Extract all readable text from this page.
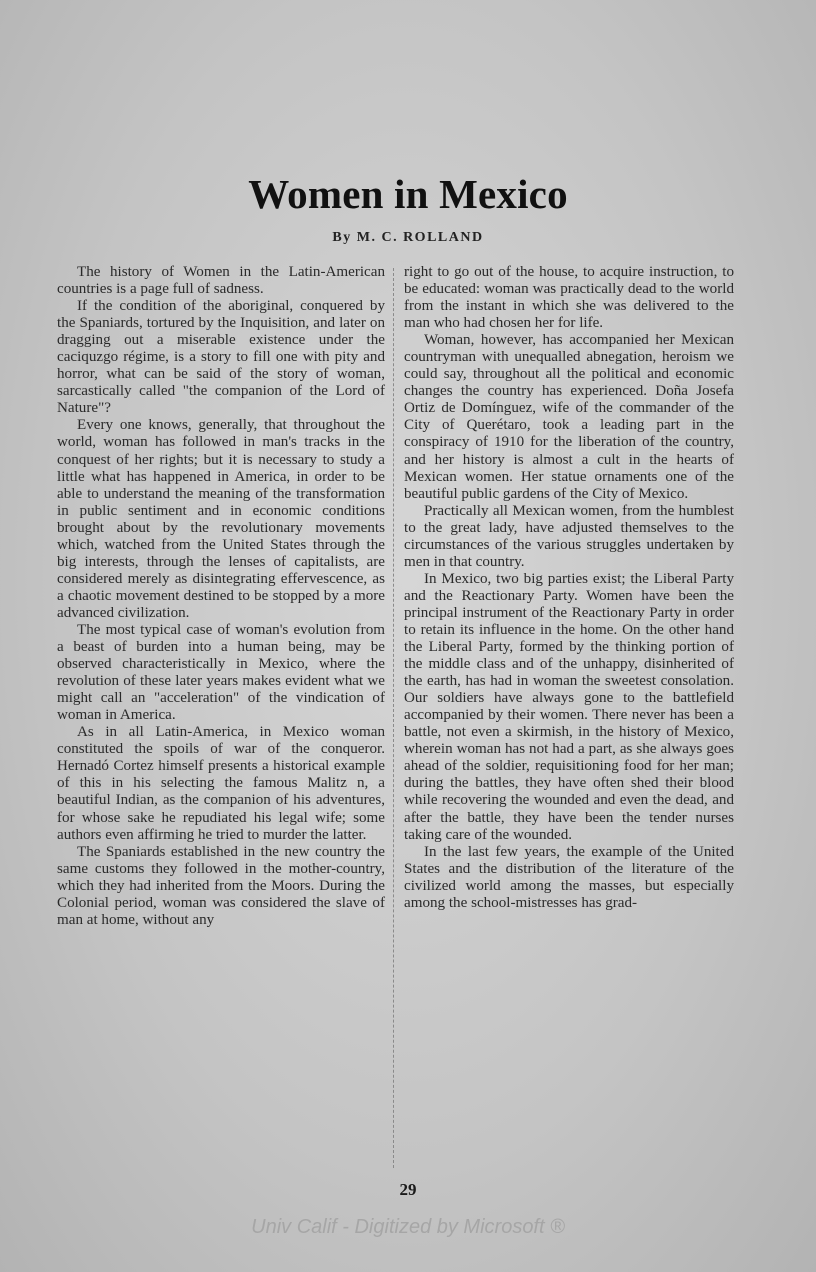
Women in Mexico
By M. C. ROLLAND

The history of Women in the Latin-American countries is a page full of sadness.

If the condition of the aboriginal, conquered by the Spaniards, tortured by the Inquisition, and later on dragging out a miserable existence under the caciquzgo régime, is a story to fill one with pity and horror, what can be said of the story of woman, sarcastically called "the companion of the Lord of Nature"?

Every one knows, generally, that throughout the world, woman has followed in man's tracks in the conquest of her rights; but it is necessary to study a little what has happened in America, in order to be able to understand the meaning of the transformation in public sentiment and in economic conditions brought about by the revolutionary movements which, watched from the United States through the big interests, through the lenses of capitalists, are considered merely as disintegrating effervescence, as a chaotic movement destined to be stopped by a more advanced civilization.

The most typical case of woman's evolution from a beast of burden into a human being, may be observed characteristically in Mexico, where the revolution of these later years makes evident what we might call an "acceleration" of the vindication of woman in America.

As in all Latin-America, in Mexico woman constituted the spoils of war of the conqueror. Hernadó Cortez himself presents a historical example of this in his selecting the famous Malitz n, a beautiful Indian, as the companion of his adventures, for whose sake he repudiated his legal wife; some authors even affirming he tried to murder the latter.

The Spaniards established in the new country the same customs they followed in the mother-country, which they had inherited from the Moors. During the Colonial period, woman was considered the slave of man at home, without any

right to go out of the house, to acquire instruction, to be educated: woman was practically dead to the world from the instant in which she was delivered to the man who had chosen her for life.

Woman, however, has accompanied her Mexican countryman with unequalled abnegation, heroism we could say, throughout all the political and economic changes the country has experienced. Doña Josefa Ortiz de Domínguez, wife of the commander of the City of Querétaro, took a leading part in the conspiracy of 1910 for the liberation of the country, and her history is almost a cult in the hearts of Mexican women. Her statue ornaments one of the beautiful public gardens of the City of Mexico.

Practically all Mexican women, from the humblest to the great lady, have adjusted themselves to the circumstances of the various struggles undertaken by men in that country.

In Mexico, two big parties exist; the Liberal Party and the Reactionary Party. Women have been the principal instrument of the Reactionary Party in order to retain its influence in the home. On the other hand the Liberal Party, formed by the thinking portion of the middle class and of the unhappy, disinherited of the earth, has had in woman the sweetest consolation. Our soldiers have always gone to the battlefield accompanied by their women. There never has been a battle, not even a skirmish, in the history of Mexico, wherein woman has not had a part, as she always goes ahead of the soldier, requisitioning food for her man; during the battles, they have often shed their blood while recovering the wounded and even the dead, and after the battle, they have been the tender nurses taking care of the wounded.

In the last few years, the example of the United States and the distribution of the literature of the civilized world among the masses, but especially among the school-mistresses has grad-

29
Univ Calif - Digitized by Microsoft ®
